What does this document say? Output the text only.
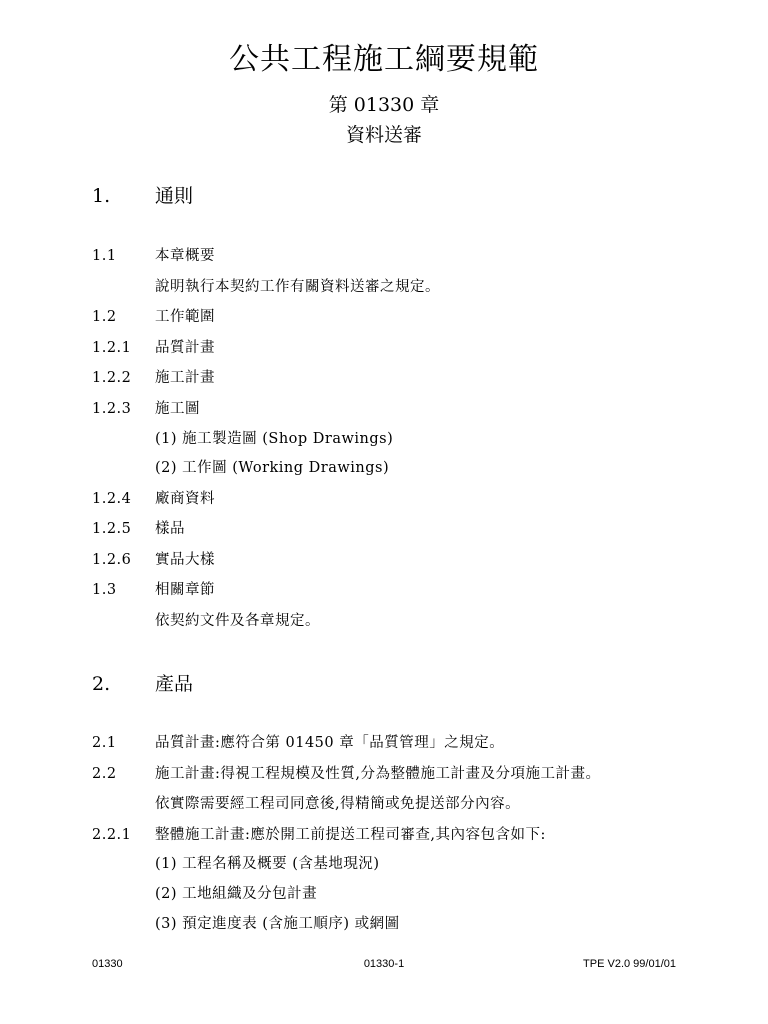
公共工程施工綱要規範
第 01330 章
資料送審
1. 通則
1.1	本章概要
說明執行本契約工作有關資料送審之規定。
1.2	工作範圍
1.2.1 品質計畫
1.2.2 施工計畫
1.2.3 施工圖
(1) 施工製造圖 (Shop Drawings)
(2) 工作圖 (Working Drawings)
1.2.4 廠商資料
1.2.5 樣品
1.2.6 實品大樣
1.3	相關章節
依契約文件及各章規定。
2. 產品
2.1	品質計畫:應符合第 01450 章「品質管理」之規定。
2.2	施工計畫:得視工程規模及性質,分為整體施工計畫及分項施工計畫。
依實際需要經工程司同意後,得精簡或免提送部分內容。
2.2.1 整體施工計畫:應於開工前提送工程司審查,其內容包含如下:
(1) 工程名稱及概要 (含基地現況)
(2) 工地組織及分包計畫
(3) 預定進度表 (含施工順序) 或網圖
01330	01330-1	TPE V2.0 99/01/01
